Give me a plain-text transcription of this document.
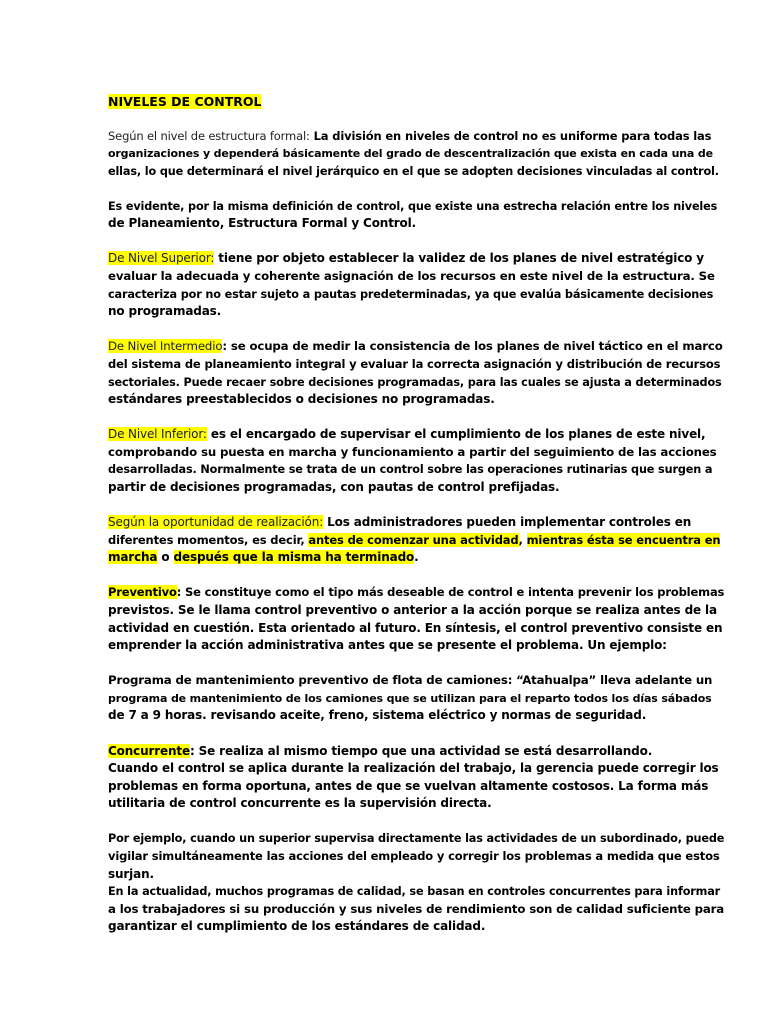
NIVELES DE CONTROL

Según el nivel de estructura formal: La división en niveles de control no es uniforme para todas las
organizaciones y dependerá básicamente del grado de descentralización que exista en cada una de
ellas, lo que determinará el nivel jerárquico en el que se adopten decisiones vinculadas al control.

Es evidente, por la misma definición de control, que existe una estrecha relación entre los niveles
de Planeamiento, Estructura Formal y Control.

De Nivel Superior: tiene por objeto establecer la validez de los planes de nivel estratégico y
evaluar la adecuada y coherente asignación de los recursos en este nivel de la estructura. Se
caracteriza por no estar sujeto a pautas predeterminadas, ya que evalúa básicamente decisiones
no programadas.

De Nivel Intermedio: se ocupa de medir la consistencia de los planes de nivel táctico en el marco
del sistema de planeamiento integral y evaluar la correcta asignación y distribución de recursos
sectoriales. Puede recaer sobre decisiones programadas, para las cuales se ajusta a determinados
estándares preestablecidos o decisiones no programadas.

De Nivel Inferior: es el encargado de supervisar el cumplimiento de los planes de este nivel,
comprobando su puesta en marcha y funcionamiento a partir del seguimiento de las acciones
desarrolladas. Normalmente se trata de un control sobre las operaciones rutinarias que surgen a
partir de decisiones programadas, con pautas de control prefijadas.

Según la oportunidad de realización: Los administradores pueden implementar controles en
diferentes momentos, es decir, antes de comenzar una actividad, mientras ésta se encuentra en
marcha o después que la misma ha terminado.

Preventivo: Se constituye como el tipo más deseable de control e intenta prevenir los problemas
previstos. Se le llama control preventivo o anterior a la acción porque se realiza antes de la
actividad en cuestión. Esta orientado al futuro. En síntesis, el control preventivo consiste en
emprender la acción administrativa antes que se presente el problema. Un ejemplo:

Programa de mantenimiento preventivo de flota de camiones: “Atahualpa” lleva adelante un
programa de mantenimiento de los camiones que se utilizan para el reparto todos los días sábados
de 7 a 9 horas. revisando aceite, freno, sistema eléctrico y normas de seguridad.

Concurrente: Se realiza al mismo tiempo que una actividad se está desarrollando.
Cuando el control se aplica durante la realización del trabajo, la gerencia puede corregir los
problemas en forma oportuna, antes de que se vuelvan altamente costosos. La forma más
utilitaria de control concurrente es la supervisión directa.

Por ejemplo, cuando un superior supervisa directamente las actividades de un subordinado, puede
vigilar simultáneamente las acciones del empleado y corregir los problemas a medida que estos
surjan.
En la actualidad, muchos programas de calidad, se basan en controles concurrentes para informar
a los trabajadores si su producción y sus niveles de rendimiento son de calidad suficiente para
garantizar el cumplimiento de los estándares de calidad.
